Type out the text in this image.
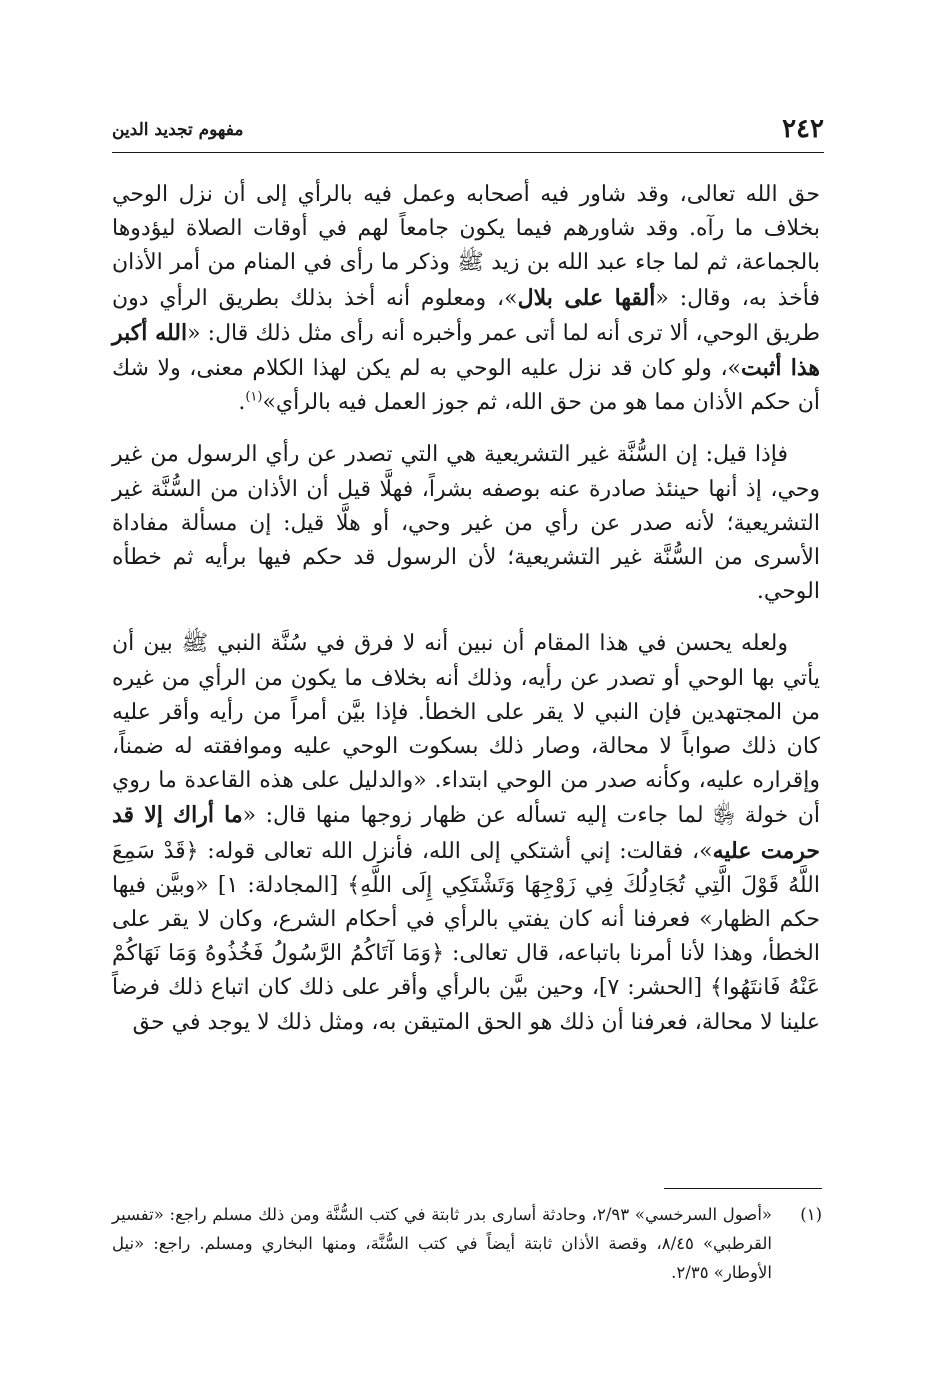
٢٤٢
مفهوم تجديد الدين

حق الله تعالى، وقد شاور فيه أصحابه وعمل فيه بالرأي إلى أن نزل الوحي بخلاف ما رآه. وقد شاورهم فيما يكون جامعاً لهم في أوقات الصلاة ليؤدوها بالجماعة، ثم لما جاء عبد الله بن زيد ﷺ وذكر ما رأى في المنام من أمر الأذان فأخذ به، وقال: «ألقها على بلال»، ومعلوم أنه أخذ بذلك بطريق الرأي دون طريق الوحي، ألا ترى أنه لما أتى عمر وأخبره أنه رأى مثل ذلك قال: «الله أكبر هذا أثبت»، ولو كان قد نزل عليه الوحي به لم يكن لهذا الكلام معنى، ولا شك أن حكم الأذان مما هو من حق الله، ثم جوز العمل فيه بالرأي»$^{(١)}$.

فإذا قيل: إن السُّنَّة غير التشريعية هي التي تصدر عن رأي الرسول من غير وحي، إذ أنها حينئذ صادرة عنه بوصفه بشراً، فهلَّا قيل أن الأذان من السُّنَّة غير التشريعية؛ لأنه صدر عن رأي من غير وحي، أو هلَّا قيل: إن مسألة مفاداة الأسرى من السُّنَّة غير التشريعية؛ لأن الرسول قد حكم فيها برأيه ثم خطأه الوحي.

ولعله يحسن في هذا المقام أن نبين أنه لا فرق في سُنَّة النبي ﷺ بين أن يأتي بها الوحي أو تصدر عن رأيه، وذلك أنه بخلاف ما يكون من الرأي من غيره من المجتهدين فإن النبي لا يقر على الخطأ. فإذا بيَّن أمراً من رأيه وأقر عليه كان ذلك صواباً لا محالة، وصار ذلك بسكوت الوحي عليه وموافقته له ضمناً، وإقراره عليه، وكأنه صدر من الوحي ابتداء. «والدليل على هذه القاعدة ما روي أن خولة ﵂ لما جاءت إليه تسأله عن ظهار زوجها منها قال: «ما أراك إلا قد حرمت عليه»، فقالت: إني أشتكي إلى الله، فأنزل الله تعالى قوله: ﴿قَدْ سَمِعَ اللَّهُ قَوْلَ الَّتِي تُجَادِلُكَ فِي زَوْجِهَا وَتَشْتَكِي إِلَى اللَّهِ﴾ [المجادلة: ١] «وبيَّن فيها حكم الظهار» فعرفنا أنه كان يفتي بالرأي في أحكام الشرع، وكان لا يقر على الخطأ، وهذا لأنا أمرنا باتباعه، قال تعالى: ﴿وَمَا آتَاكُمُ الرَّسُولُ فَخُذُوهُ وَمَا نَهَاكُمْ عَنْهُ فَانتَهُوا﴾ [الحشر: ٧]، وحين بيَّن بالرأي وأقر على ذلك كان اتباع ذلك فرضاً علينا لا محالة، فعرفنا أن ذلك هو الحق المتيقن به، ومثل ذلك لا يوجد في حق

(١)
«أصول السرخسي» ٢/٩٣، وحادثة أسارى بدر ثابتة في كتب السُّنَّة ومن ذلك مسلم راجع: «تفسير القرطبي» ٨/٤٥، وقصة الأذان ثابتة أيضاً في كتب السُّنَّة، ومنها البخاري ومسلم. راجع: «نيل الأوطار» ٢/٣٥.
